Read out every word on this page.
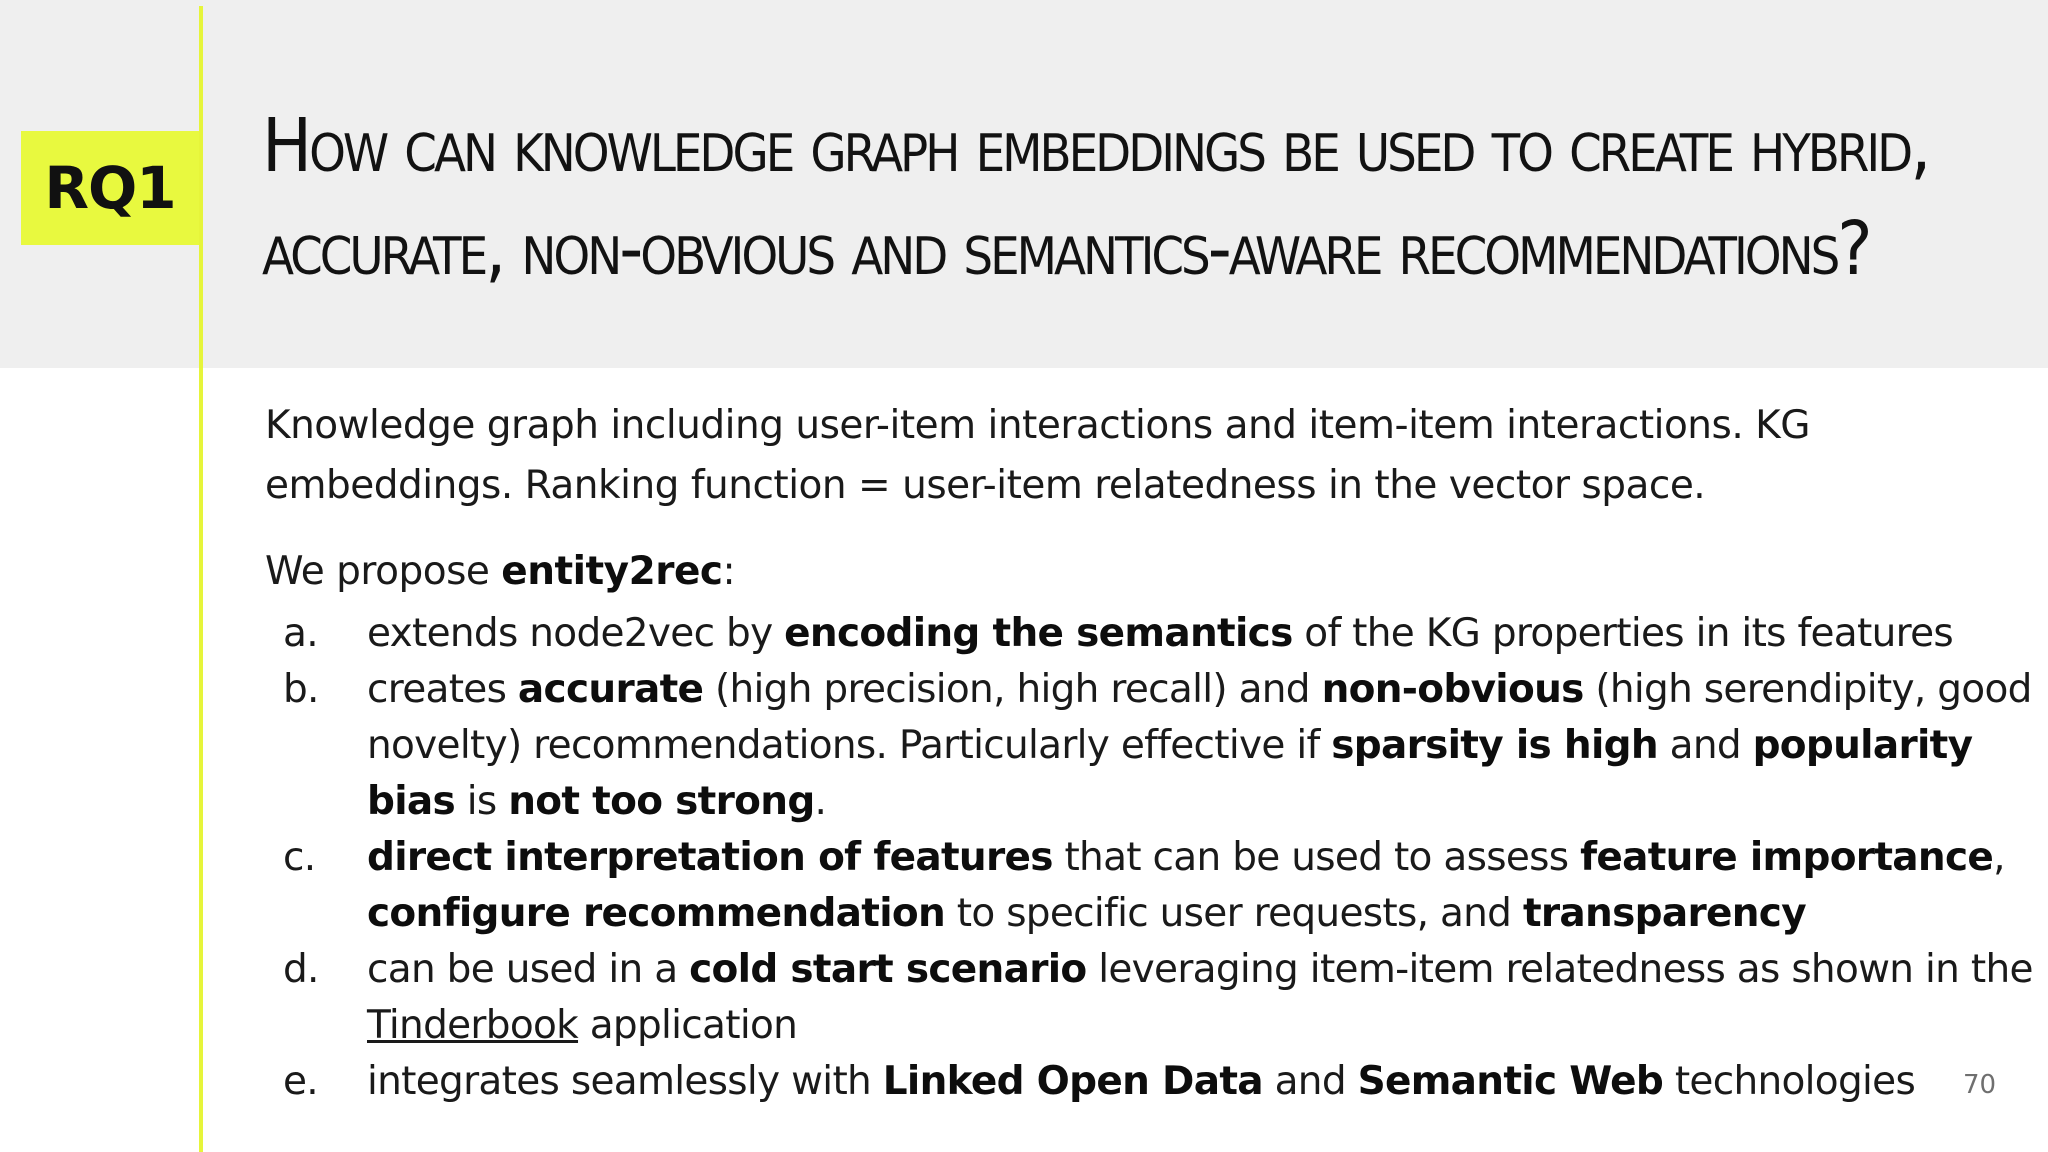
RQ1	How can knowledge graph embeddings be used to create hybrid, accurate, non-obvious and semantics-aware recommendations?

Knowledge graph including user-item interactions and item-item interactions. KG embeddings. Ranking function = user-item relatedness in the vector space.

We propose entity2rec:

a.	extends node2vec by encoding the semantics of the KG properties in its features
b.	creates accurate (high precision, high recall) and non-obvious (high serendipity, good novelty) recommendations. Particularly effective if sparsity is high and popularity bias is not too strong.
c.	direct interpretation of features that can be used to assess feature importance, configure recommendation to specific user requests, and transparency
d.	can be used in a cold start scenario leveraging item-item relatedness as shown in the Tinderbook application
e.	integrates seamlessly with Linked Open Data and Semantic Web technologies	70
